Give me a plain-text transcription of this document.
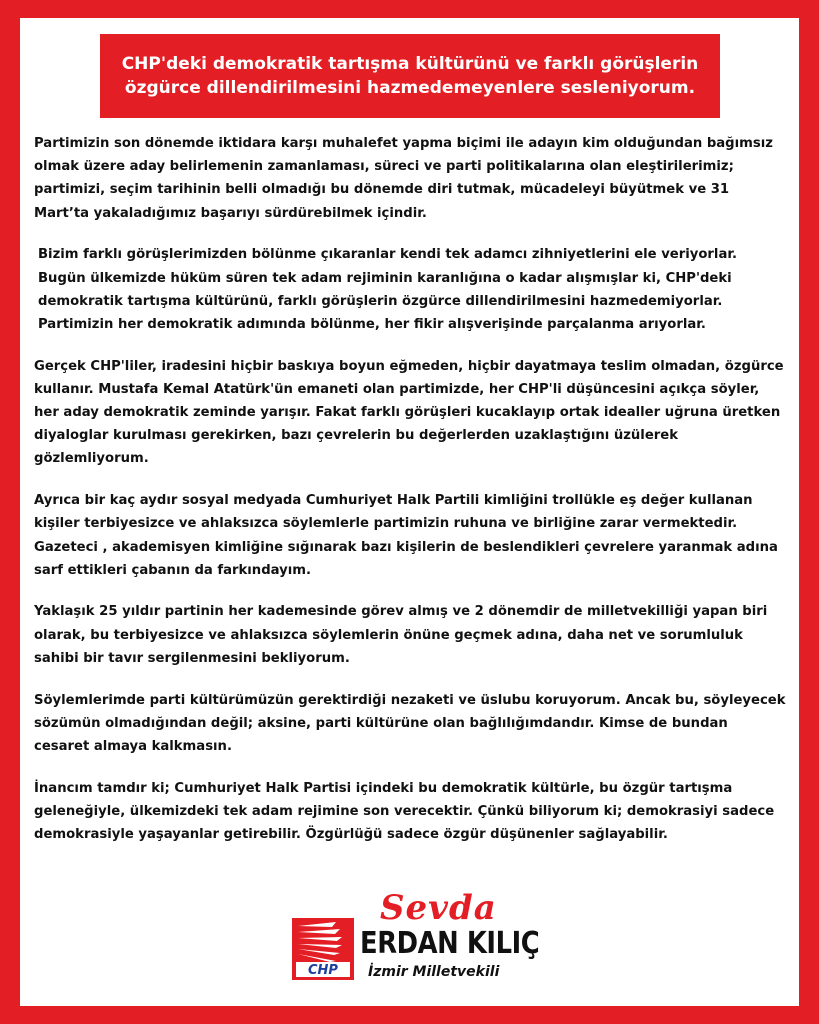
CHP'deki demokratik tartışma kültürünü ve farklı görüşlerin
özgürce dillendirilmesini hazmedemeyenlere sesleniyorum.

Partimizin son dönemde iktidara karşı muhalefet yapma biçimi ile adayın kim olduğundan bağımsız olmak üzere aday belirlemenin zamanlaması, süreci ve parti politikalarına olan eleştirilerimiz; partimizi, seçim tarihinin belli olmadığı bu dönemde diri tutmak, mücadeleyi büyütmek ve 31 Mart’ta yakaladığımız başarıyı sürdürebilmek içindir.

Bizim farklı görüşlerimizden bölünme çıkaranlar kendi tek adamcı zihniyetlerini ele veriyorlar. Bugün ülkemizde hüküm süren tek adam rejiminin karanlığına o kadar alışmışlar ki, CHP'deki demokratik tartışma kültürünü, farklı görüşlerin özgürce dillendirilmesini hazmedemiyorlar. Partimizin her demokratik adımında bölünme, her fikir alışverişinde parçalanma arıyorlar.

Gerçek CHP'liler, iradesini hiçbir baskıya boyun eğmeden, hiçbir dayatmaya teslim olmadan, özgürce kullanır. Mustafa Kemal Atatürk'ün emaneti olan partimizde, her CHP'li düşüncesini açıkça söyler, her aday demokratik zeminde yarışır. Fakat farklı görüşleri kucaklayıp ortak idealler uğruna üretken diyaloglar kurulması gerekirken, bazı çevrelerin bu değerlerden uzaklaştığını üzülerek gözlemliyorum.

Ayrıca bir kaç aydır sosyal medyada Cumhuriyet Halk Partili kimliğini trollükle eş değer kullanan kişiler terbiyesizce ve ahlaksızca söylemlerle partimizin ruhuna ve birliğine zarar vermektedir. Gazeteci , akademisyen kimliğine sığınarak bazı kişilerin de beslendikleri çevrelere yaranmak adına sarf ettikleri çabanın da farkındayım.

Yaklaşık 25 yıldır partinin her kademesinde görev almış ve 2 dönemdir de milletvekilliği yapan biri olarak, bu terbiyesizce ve ahlaksızca söylemlerin önüne geçmek adına, daha net ve sorumluluk sahibi bir tavır sergilenmesini bekliyorum.

Söylemlerimde parti kültürümüzün gerektirdiği nezaketi ve üslubu koruyorum. Ancak bu, söyleyecek sözümün olmadığından değil; aksine, parti kültürüne olan bağlılığımdandır. Kimse de bundan cesaret almaya kalkmasın.

İnancım tamdır ki; Cumhuriyet Halk Partisi içindeki bu demokratik kültürle, bu özgür tartışma geleneğiyle, ülkemizdeki tek adam rejimine son verecektir. Çünkü biliyorum ki; demokrasiyi sadece demokrasiyle yaşayanlar getirebilir. Özgürlüğü sadece özgür düşünenler sağlayabilir.

CHP
Sevda
ERDAN KILIÇ
İzmir Milletvekili
